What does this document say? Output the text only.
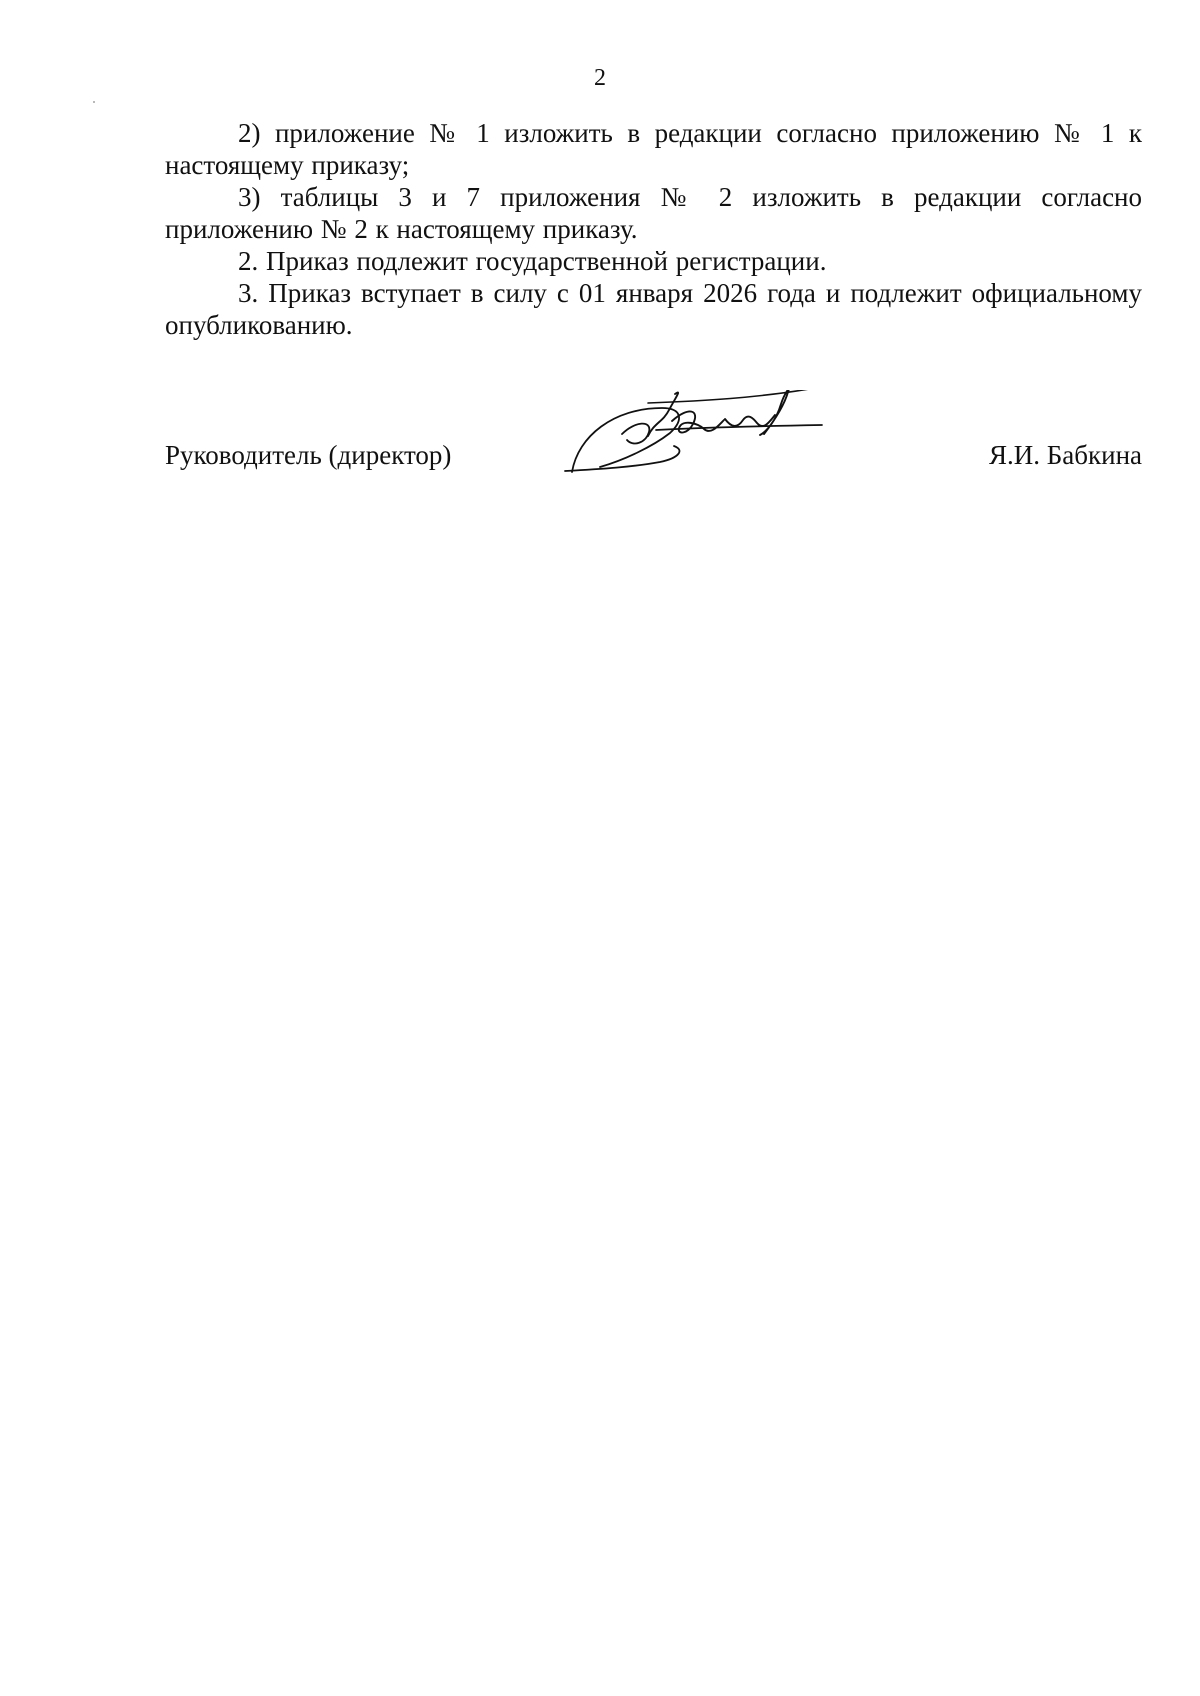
2

2) приложение № 1 изложить в редакции согласно приложению № 1 к настоящему приказу;

3) таблицы 3 и 7 приложения № 2 изложить в редакции согласно приложению № 2 к настоящему приказу.

2. Приказ подлежит государственной регистрации.

3. Приказ вступает в силу с 01 января 2026 года и подлежит официальному опубликованию.

Руководитель (директор)	Я.И. Бабкина
